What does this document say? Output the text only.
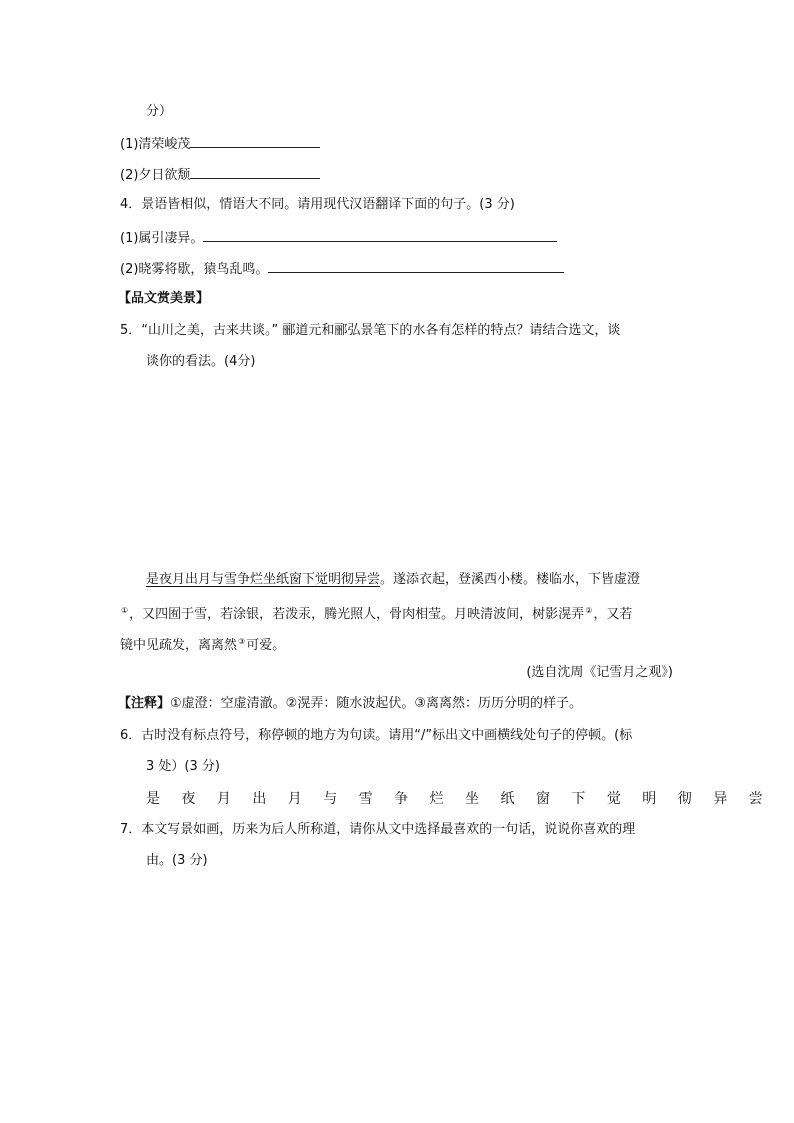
分）
(1)清荣峻茂
(2)夕日欲颓
4．景语皆相似，情语大不同。请用现代汉语翻译下面的句子。(3 分)
(1)属引凄异。
(2)晓雾将歇，猿鸟乱鸣。
【品文赏美景】
5．“山川之美，古来共谈。” 郦道元和郦弘景笔下的水各有怎样的特点？请结合选文，谈
谈你的看法。(4分)
是夜月出月与雪争烂坐纸窗下觉明彻异尝。遂添衣起，登溪西小楼。楼临水，下皆虚澄
①，又四囿于雪，若涂银，若泼汞，腾光照人，骨肉相莹。月映清波间，树影滉弄②，又若
镜中见疏发，离离然③可爱。
(选自沈周《记雪月之观》)
【注释】①虚澄：空虚清澈。②滉弄：随水波起伏。③离离然：历历分明的样子。
6．古时没有标点符号，称停顿的地方为句读。请用“/”标出文中画横线处句子的停顿。(标
3 处）(3 分)
是 夜 月 出 月 与 雪 争 烂 坐 纸 窗 下 觉 明 彻 异 尝
7．本文写景如画，历来为后人所称道，请你从文中选择最喜欢的一句话，说说你喜欢的理
由。(3 分)
